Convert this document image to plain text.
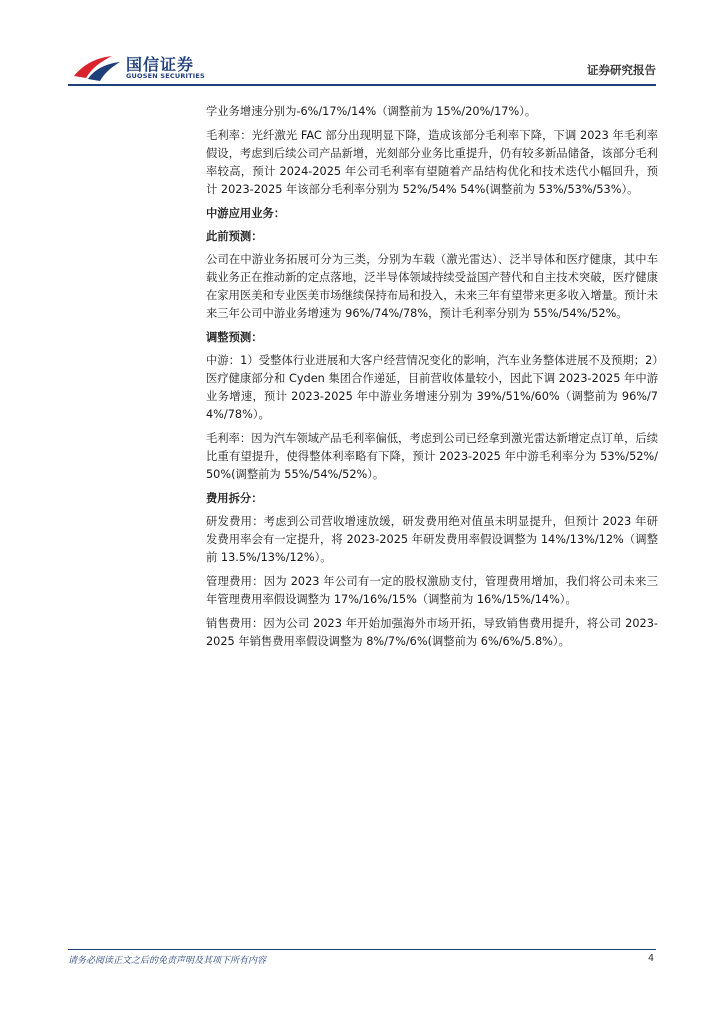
国信证券
GUOSEN SECURITIES	证券研究报告

学业务增速分别为-6%/17%/14%（调整前为 15%/20%/17%）。

毛利率：光纤激光 FAC 部分出现明显下降，造成该部分毛利率下降，下调 2023 年毛利率假设，考虑到后续公司产品新增，光刻部分业务比重提升，仍有较多新品储备，该部分毛利率较高，预计 2024-2025 年公司毛利率有望随着产品结构优化和技术迭代小幅回升，预计 2023-2025 年该部分毛利率分别为 52%/54% 54%(调整前为 53%/53%/53%）。

中游应用业务：

此前预测：

公司在中游业务拓展可分为三类，分别为车载（激光雷达）、泛半导体和医疗健康，其中车载业务正在推动新的定点落地，泛半导体领域持续受益国产替代和自主技术突破，医疗健康在家用医美和专业医美市场继续保持布局和投入，未来三年有望带来更多收入增量。预计未来三年公司中游业务增速为 96%/74%/78%，预计毛利率分别为 55%/54%/52%。

调整预测：

中游：1）受整体行业进展和大客户经营情况变化的影响，汽车业务整体进展不及预期；2）医疗健康部分和 Cyden 集团合作递延，目前营收体量较小，因此下调 2023-2025 年中游业务增速，预计 2023-2025 年中游业务增速分别为 39%/51%/60%（调整前为 96%/74%/78%）。

毛利率：因为汽车领域产品毛利率偏低，考虑到公司已经拿到激光雷达新增定点订单，后续比重有望提升，使得整体利率略有下降，预计 2023-2025 年中游毛利率分为 53%/52%/50%(调整前为 55%/54%/52%）。

费用拆分：

研发费用：考虑到公司营收增速放缓，研发费用绝对值虽未明显提升，但预计 2023 年研发费用率会有一定提升，将 2023-2025 年研发费用率假设调整为 14%/13%/12%（调整前 13.5%/13%/12%）。

管理费用：因为 2023 年公司有一定的股权激励支付，管理费用增加，我们将公司未来三年管理费用率假设调整为 17%/16%/15%（调整前为 16%/15%/14%）。

销售费用：因为公司 2023 年开始加强海外市场开拓，导致销售费用提升，将公司 2023-2025 年销售费用率假设调整为 8%/7%/6%(调整前为 6%/6%/5.8%）。

请务必阅读正文之后的免责声明及其项下所有内容	4
